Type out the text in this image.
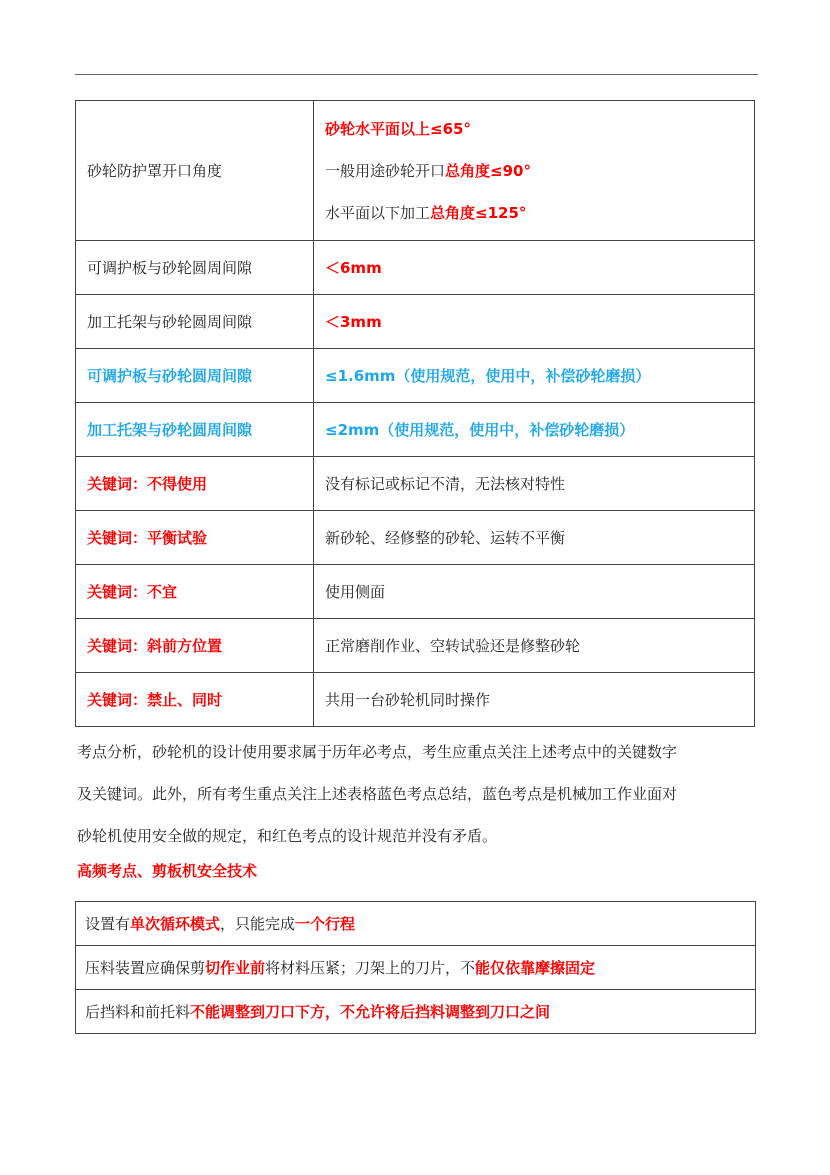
砂轮防护罩开口角度	砂轮水平面以上≤65°
一般用途砂轮开口总角度≤90°
水平面以下加工总角度≤125°

可调护板与砂轮圆周间隙	＜6mm
加工托架与砂轮圆周间隙	＜3mm
可调护板与砂轮圆周间隙	≤1.6mm（使用规范，使用中，补偿砂轮磨损）
加工托架与砂轮圆周间隙	≤2mm（使用规范，使用中，补偿砂轮磨损）
关键词：不得使用	没有标记或标记不清，无法核对特性
关键词：平衡试验	新砂轮、经修整的砂轮、运转不平衡
关键词：不宜	使用侧面
关键词：斜前方位置	正常磨削作业、空转试验还是修整砂轮
关键词：禁止、同时	共用一台砂轮机同时操作
考点分析，砂轮机的设计使用要求属于历年必考点，考生应重点关注上述考点中的关键数字
及关键词。此外，所有考生重点关注上述表格蓝色考点总结，蓝色考点是机械加工作业面对
砂轮机使用安全做的规定，和红色考点的设计规范并没有矛盾。
高频考点、剪板机安全技术
设置有单次循环模式，只能完成一个行程
压料装置应确保剪切作业前将材料压紧；刀架上的刀片，不能仅依靠摩擦固定
后挡料和前托料不能调整到刀口下方，不允许将后挡料调整到刀口之间
